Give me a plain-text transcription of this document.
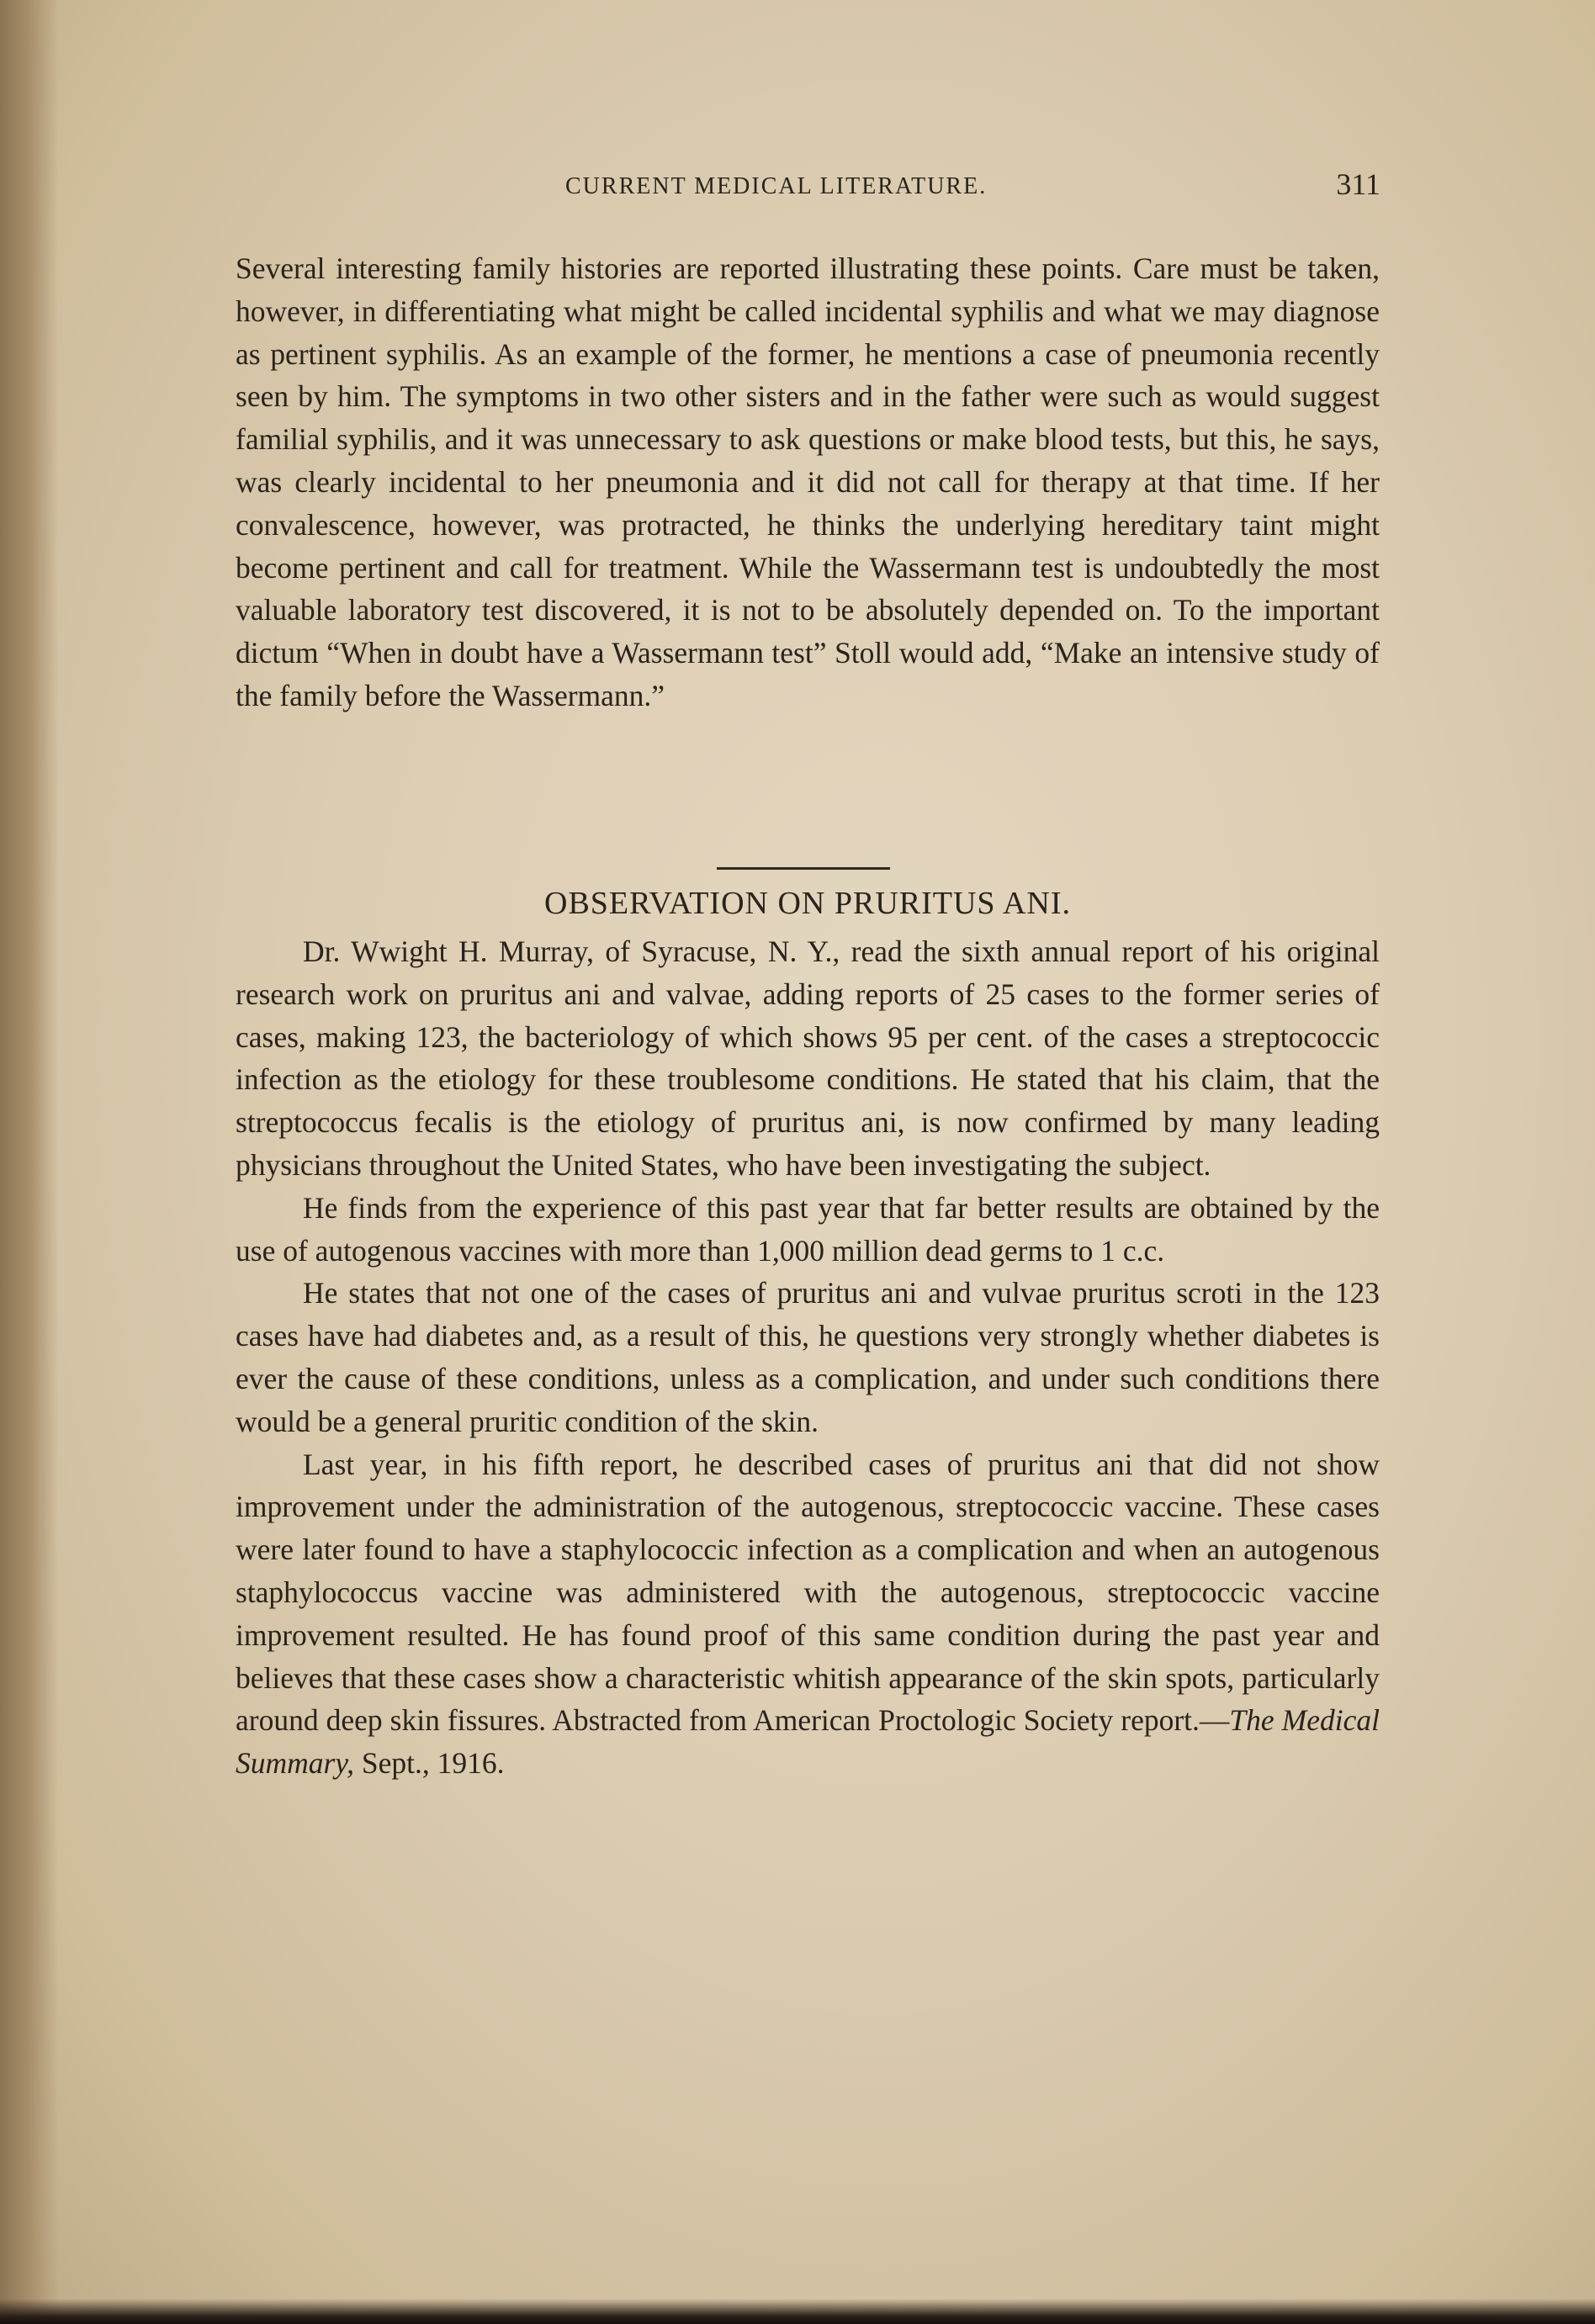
CURRENT MEDICAL LITERATURE.	311

Several interesting family histories are reported illustrating these points. Care must be taken, however, in differentiating what might be called incidental syphilis and what we may diagnose as pertinent syphilis. As an example of the former, he mentions a case of pneumonia recently seen by him. The symptoms in two other sisters and in the father were such as would suggest familial syphilis, and it was unnecessary to ask questions or make blood tests, but this, he says, was clearly incidental to her pneumonia and it did not call for therapy at that time. If her convalescence, however, was protracted, he thinks the underlying hereditary taint might become pertinent and call for treatment. While the Wassermann test is undoubtedly the most valuable laboratory test discovered, it is not to be absolutely depended on. To the important dictum “When in doubt have a Wassermann test” Stoll would add, “Make an intensive study of the family before the Wassermann.”

OBSERVATION ON PRURITUS ANI.

Dr. Wwight H. Murray, of Syracuse, N. Y., read the sixth annual report of his original research work on pruritus ani and valvae, adding reports of 25 cases to the former series of cases, making 123, the bacteriology of which shows 95 per cent. of the cases a streptococcic infection as the etiology for these troublesome conditions. He stated that his claim, that the streptococcus fecalis is the etiology of pruritus ani, is now confirmed by many leading physicians throughout the United States, who have been investigating the subject.

He finds from the experience of this past year that far better results are obtained by the use of autogenous vaccines with more than 1,000 million dead germs to 1 c.c.

He states that not one of the cases of pruritus ani and vulvae pruritus scroti in the 123 cases have had diabetes and, as a result of this, he questions very strongly whether diabetes is ever the cause of these conditions, unless as a complication, and under such conditions there would be a general pruritic condition of the skin.

Last year, in his fifth report, he described cases of pruritus ani that did not show improvement under the administration of the autogenous, streptococcic vaccine. These cases were later found to have a staphylococcic infection as a complication and when an autogenous staphylococcus vaccine was administered with the autogenous, streptococcic vaccine improvement resulted. He has found proof of this same condition during the past year and believes that these cases show a characteristic whitish appearance of the skin spots, particularly around deep skin fissures. Abstracted from American Proctologic Society report.—The Medical Summary, Sept., 1916.
